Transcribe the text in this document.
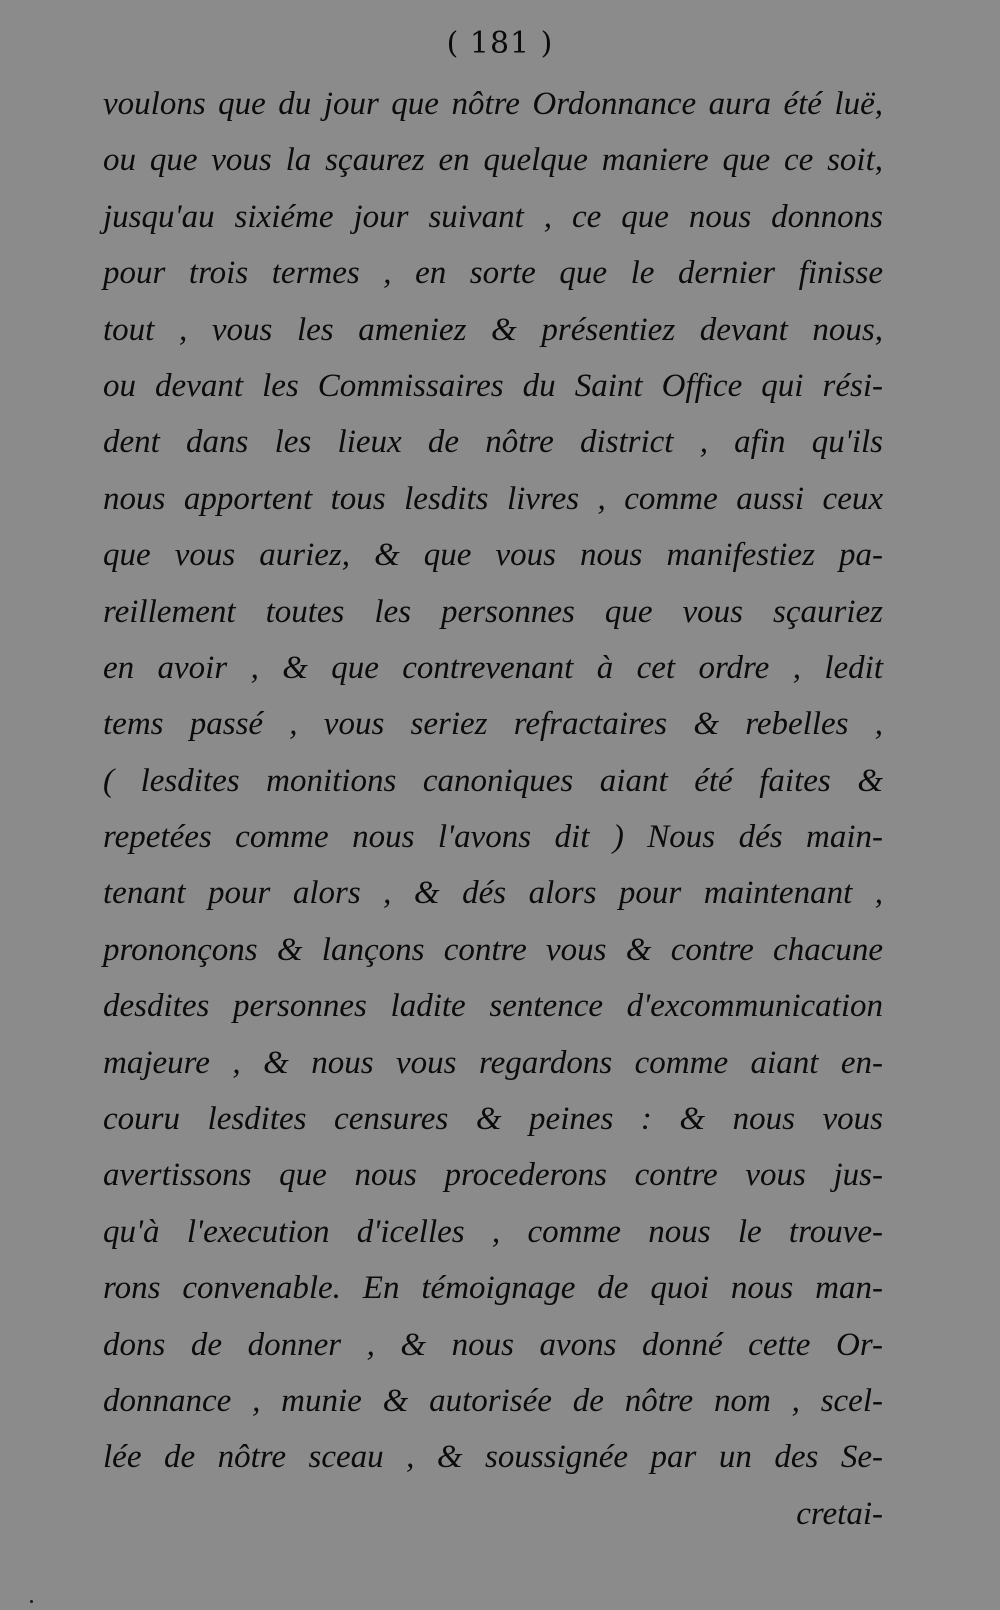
( 181 )
voulons que du jour que nôtre Ordonnance aura été luë,
ou que vous la sçaurez en quelque maniere que ce soit,
jusqu'au sixiéme jour suivant , ce que nous donnons
pour trois termes , en sorte que le dernier finisse
tout , vous les ameniez & présentiez devant nous,
ou devant les Commissaires du Saint Office qui rési-
dent dans les lieux de nôtre district , afin qu'ils
nous apportent tous lesdits livres , comme aussi ceux
que vous auriez, & que vous nous manifestiez pa-
reillement toutes les personnes que vous sçauriez
en avoir , & que contrevenant à cet ordre , ledit
tems passé , vous seriez refractaires & rebelles ,
( lesdites monitions canoniques aiant été faites &
repetées comme nous l'avons dit ) Nous dés main-
tenant pour alors , & dés alors pour maintenant ,
prononçons & lançons contre vous & contre chacune
desdites personnes ladite sentence d'excommunication
majeure , & nous vous regardons comme aiant en-
couru lesdites censures & peines : & nous vous
avertissons que nous procederons contre vous jus-
qu'à l'execution d'icelles , comme nous le trouve-
rons convenable. En témoignage de quoi nous man-
dons de donner , & nous avons donné cette Or-
donnance , munie & autorisée de nôtre nom , scel-
lée de nôtre sceau , & soussignée par un des Se-
cretai-
